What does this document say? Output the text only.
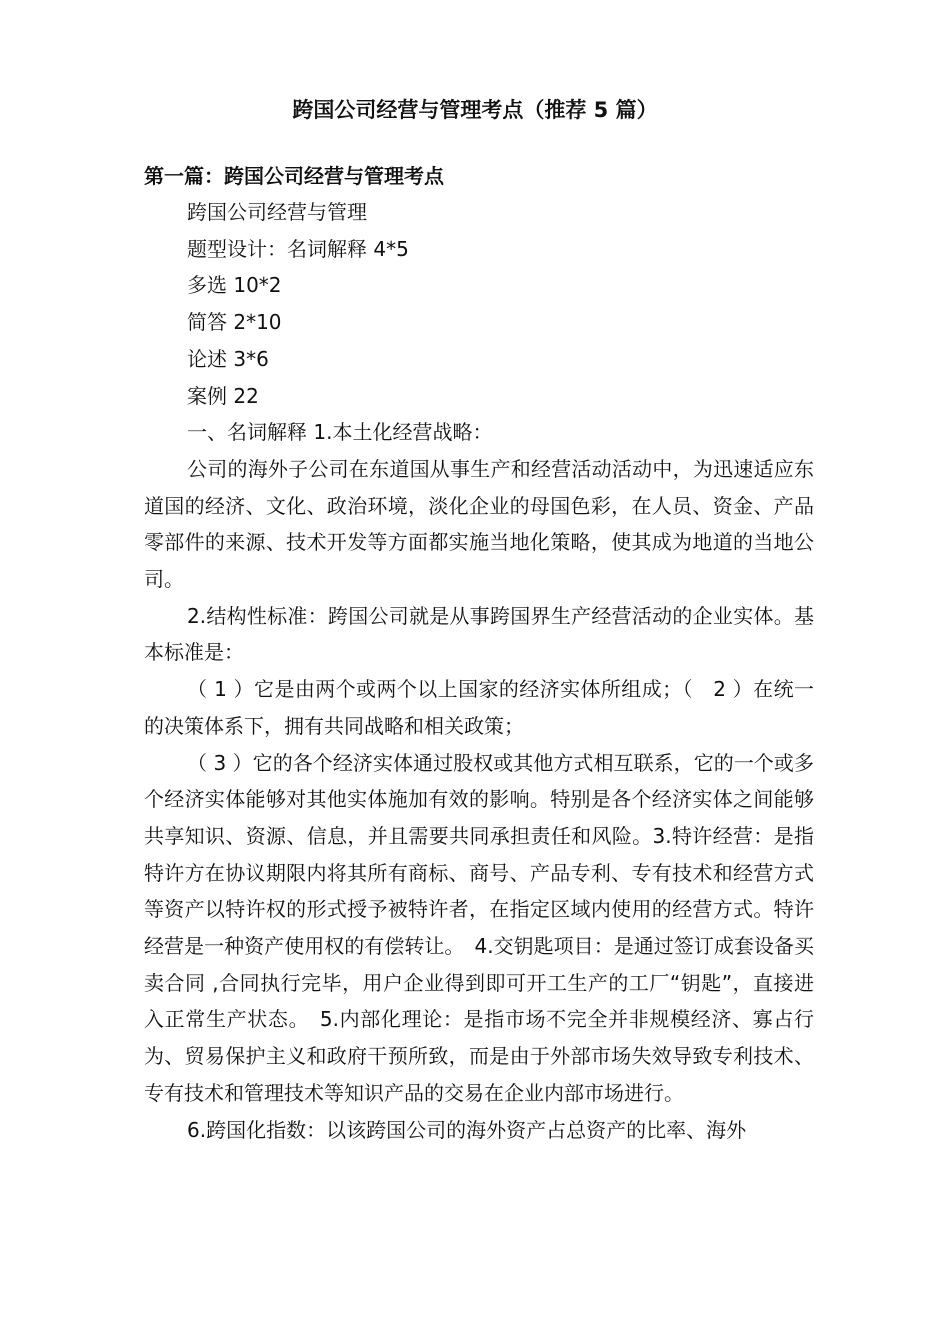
跨国公司经营与管理考点（推荐 5 篇）
第一篇：跨国公司经营与管理考点

跨国公司经营与管理

题型设计：名词解释 4*5

多选 10*2

简答 2*10

论述 3*6

案例 22

一、名词解释 1.本土化经营战略：

公司的海外子公司在东道国从事生产和经营活动活动中，为迅速适应东道国的经济、文化、政治环境，淡化企业的母国色彩，在人员、资金、产品零部件的来源、技术开发等方面都实施当地化策略，使其成为地道的当地公司。

2.结构性标准：跨国公司就是从事跨国界生产经营活动的企业实体。基本标准是：

（ 1 ）它是由两个或两个以上国家的经济实体所组成；（　2 ）在统一的决策体系下，拥有共同战略和相关政策；

（ 3 ）它的各个经济实体通过股权或其他方式相互联系，它的一个或多个经济实体能够对其他实体施加有效的影响。特别是各个经济实体之间能够共享知识、资源、信息，并且需要共同承担责任和风险。3.特许经营：是指特许方在协议期限内将其所有商标、商号、产品专利、专有技术和经营方式等资产以特许权的形式授予被特许者，在指定区域内使用的经营方式。特许经营是一种资产使用权的有偿转让。　4.交钥匙项目：是通过签订成套设备买卖合同 ,合同执行完毕，用户企业得到即可开工生产的工厂“钥匙”，直接进入正常生产状态。　5.内部化理论：是指市场不完全并非规模经济、寡占行为、贸易保护主义和政府干预所致，而是由于外部市场失效导致专利技术、专有技术和管理技术等知识产品的交易在企业内部市场进行。

6.跨国化指数：以该跨国公司的海外资产占总资产的比率、海外
